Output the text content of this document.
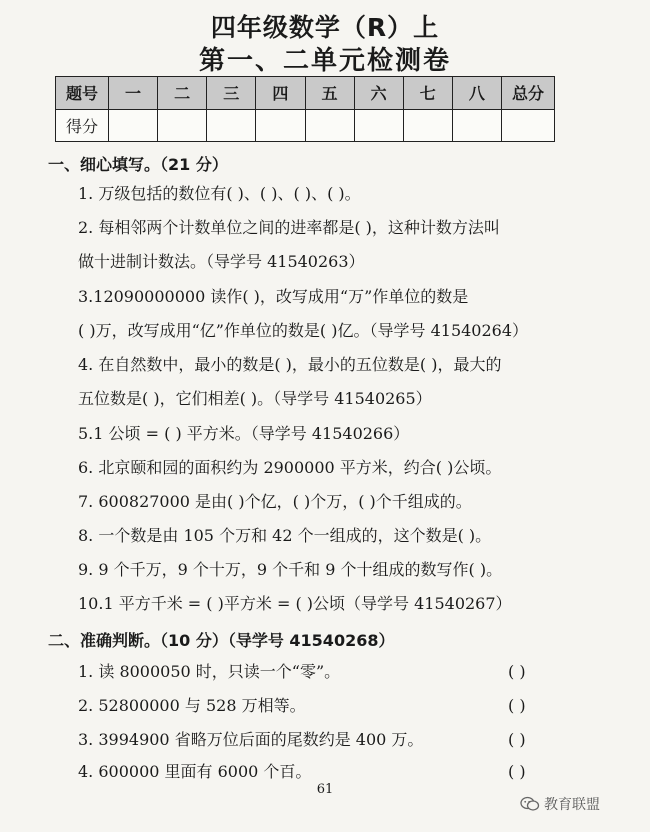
四年级数学（R）上
第一、二单元检测卷
题号	一	二	三	四	五	六	七	八	总分
得分									
一、细心填写。（21 分）
1. 万级包括的数位有( )、( )、( )、( )。
2. 每相邻两个计数单位之间的进率都是( )，这种计数方法叫
做十进制计数法。（导学号 41540263）
3.12090000000 读作( )，改写成用“万”作单位的数是
( )万，改写成用“亿”作单位的数是( )亿。（导学号 41540264）
4. 在自然数中，最小的数是( )，最小的五位数是( )，最大的
五位数是( )，它们相差( )。（导学号 41540265）
5.1 公顷 = ( ) 平方米。（导学号 41540266）
6. 北京颐和园的面积约为 2900000 平方米，约合( )公顷。
7. 600827000 是由( )个亿，( )个万，( )个千组成的。
8. 一个数是由 105 个万和 42 个一组成的，这个数是( )。
9. 9 个千万，9 个十万，9 个千和 9 个十组成的数写作( )。
10.1 平方千米 = ( )平方米 = ( )公顷（导学号 41540267）
二、准确判断。（10 分）（导学号 41540268）
1. 读 8000050 时，只读一个“零”。	( )
2. 52800000 与 528 万相等。	( )
3. 3994900 省略万位后面的尾数约是 400 万。	( )
4. 600000 里面有 6000 个百。	( )
61
教育联盟
